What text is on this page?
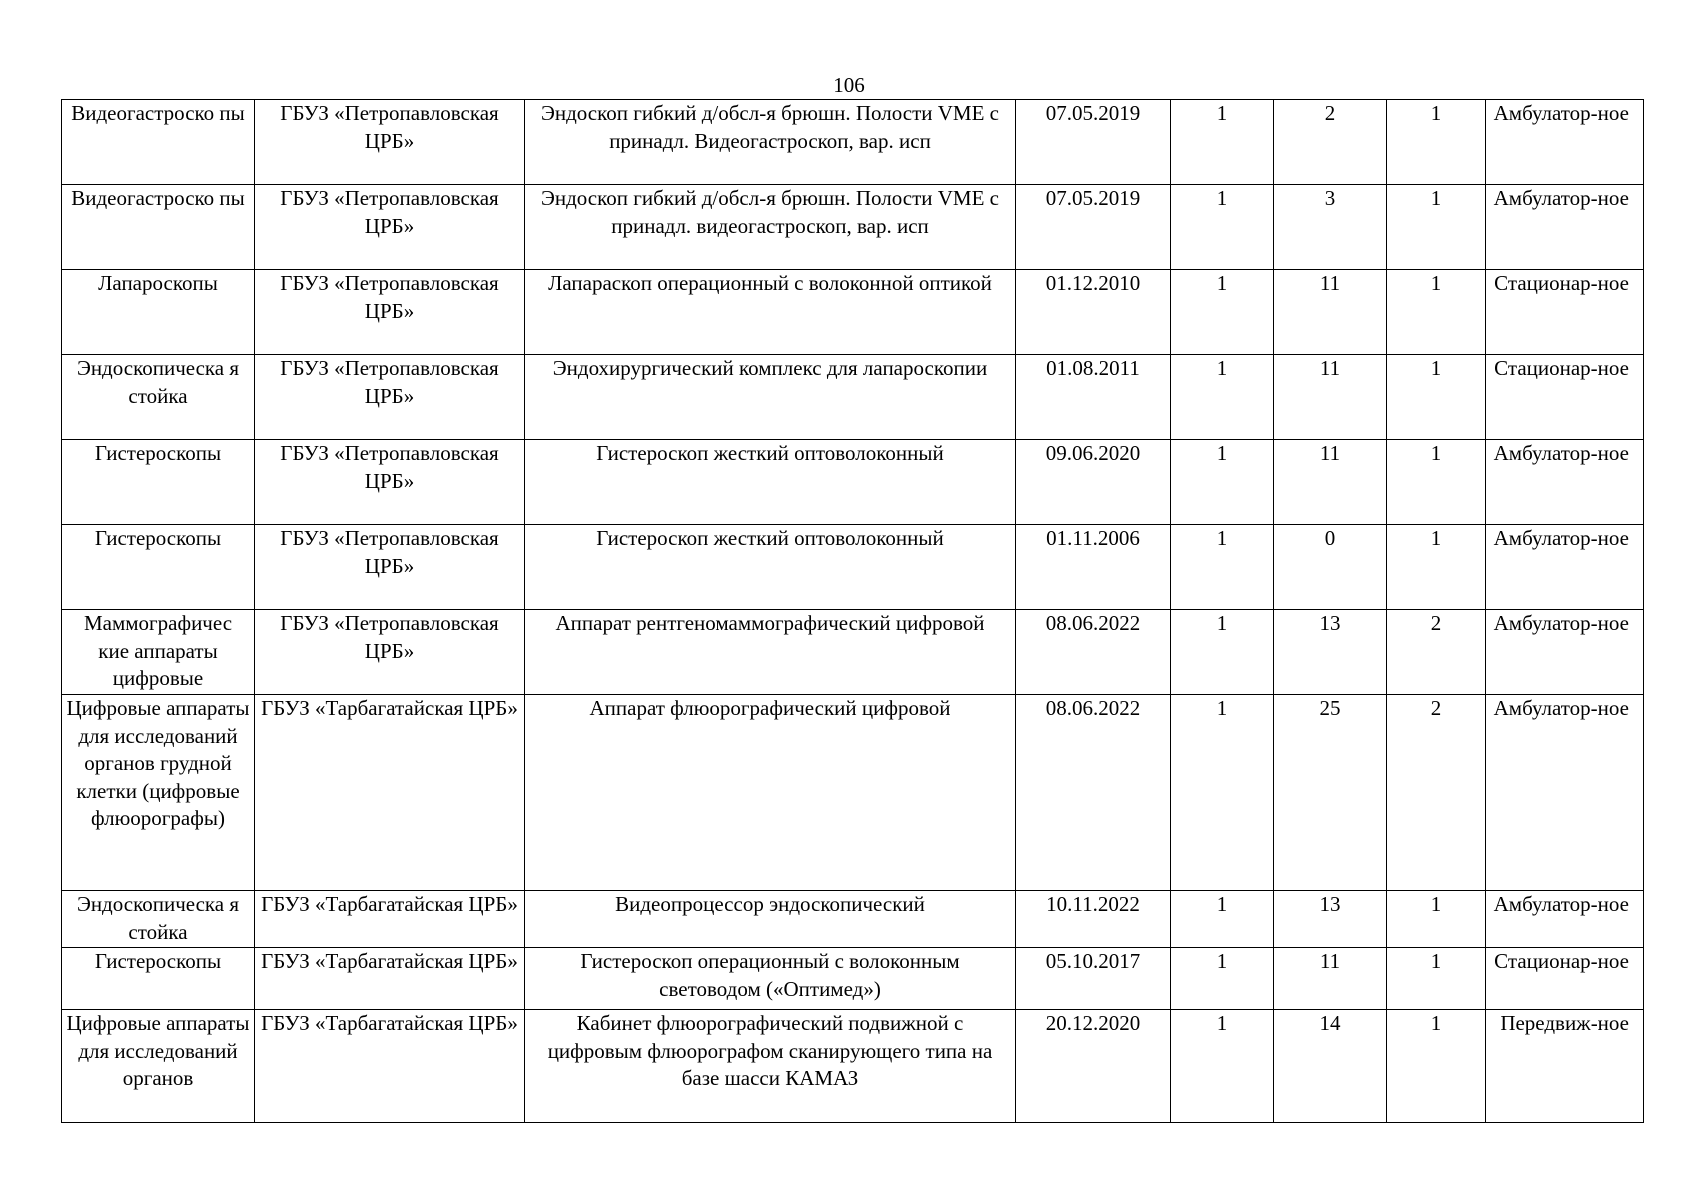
106
Видеогастроско пы	ГБУЗ «Петропавловская ЦРБ»	Эндоскоп гибкий д/обсл-я брюшн. Полости VME с принадл. Видеогастроскоп, вар. исп	07.05.2019	1	2	1	Амбулатор-ное
Видеогастроско пы	ГБУЗ «Петропавловская ЦРБ»	Эндоскоп гибкий д/обсл-я брюшн. Полости VME с принадл. видеогастроскоп, вар. исп	07.05.2019	1	3	1	Амбулатор-ное
Лапароскопы	ГБУЗ «Петропавловская ЦРБ»	Лапараскоп операционный с волоконной оптикой	01.12.2010	1	11	1	Стационар-ное
Эндоскопическа я стойка	ГБУЗ «Петропавловская ЦРБ»	Эндохирургический комплекс для лапароскопии	01.08.2011	1	11	1	Стационар-ное
Гистероскопы	ГБУЗ «Петропавловская ЦРБ»	Гистероскоп жесткий оптоволоконный	09.06.2020	1	11	1	Амбулатор-ное
Гистероскопы	ГБУЗ «Петропавловская ЦРБ»	Гистероскоп жесткий оптоволоконный	01.11.2006	1	0	1	Амбулатор-ное
Маммографичес кие аппараты цифровые	ГБУЗ «Петропавловская ЦРБ»	Аппарат рентгеномаммографический цифровой	08.06.2022	1	13	2	Амбулатор-ное
Цифровые аппараты для исследований органов грудной клетки (цифровые флюорографы)	ГБУЗ «Тарбагатайская ЦРБ»	Аппарат флюорографический цифровой	08.06.2022	1	25	2	Амбулатор-ное
Эндоскопическа я стойка	ГБУЗ «Тарбагатайская ЦРБ»	Видеопроцессор эндоскопический	10.11.2022	1	13	1	Амбулатор-ное
Гистероскопы	ГБУЗ «Тарбагатайская ЦРБ»	Гистероскоп операционный с волоконным световодом («Оптимед»)	05.10.2017	1	11	1	Стационар-ное
Цифровые аппараты для исследований органов	ГБУЗ «Тарбагатайская ЦРБ»	Кабинет флюорографический подвижной с цифровым флюорографом сканирующего типа на базе шасси КАМАЗ	20.12.2020	1	14	1	Передвиж-ное
